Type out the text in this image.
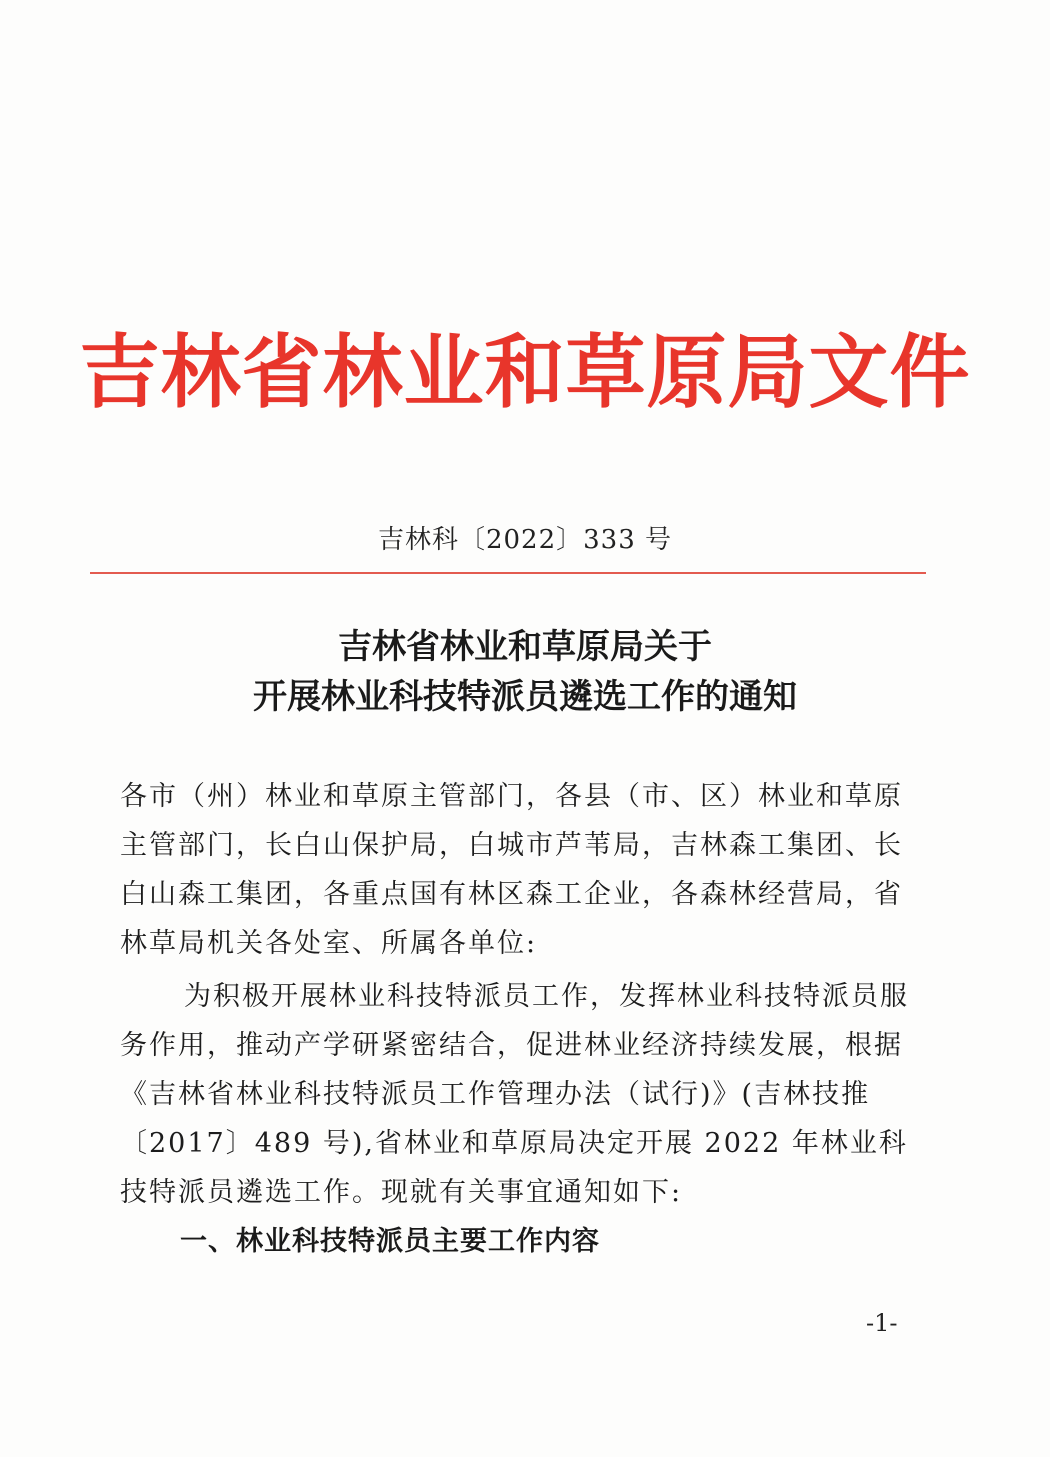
吉林省林业和草原局文件
吉林科〔2022〕333 号
吉林省林业和草原局关于
开展林业科技特派员遴选工作的通知
各市（州）林业和草原主管部门，各县（市、区）林业和草原主管部门，长白山保护局，白城市芦苇局，吉林森工集团、长白山森工集团，各重点国有林区森工企业，各森林经营局，省林草局机关各处室、所属各单位:
为积极开展林业科技特派员工作，发挥林业科技特派员服务作用，推动产学研紧密结合，促进林业经济持续发展，根据《吉林省林业科技特派员工作管理办法（试行)》(吉林技推〔2017〕489 号),省林业和草原局决定开展 2022 年林业科技特派员遴选工作。现就有关事宜通知如下:
一、林业科技特派员主要工作内容
-1-
